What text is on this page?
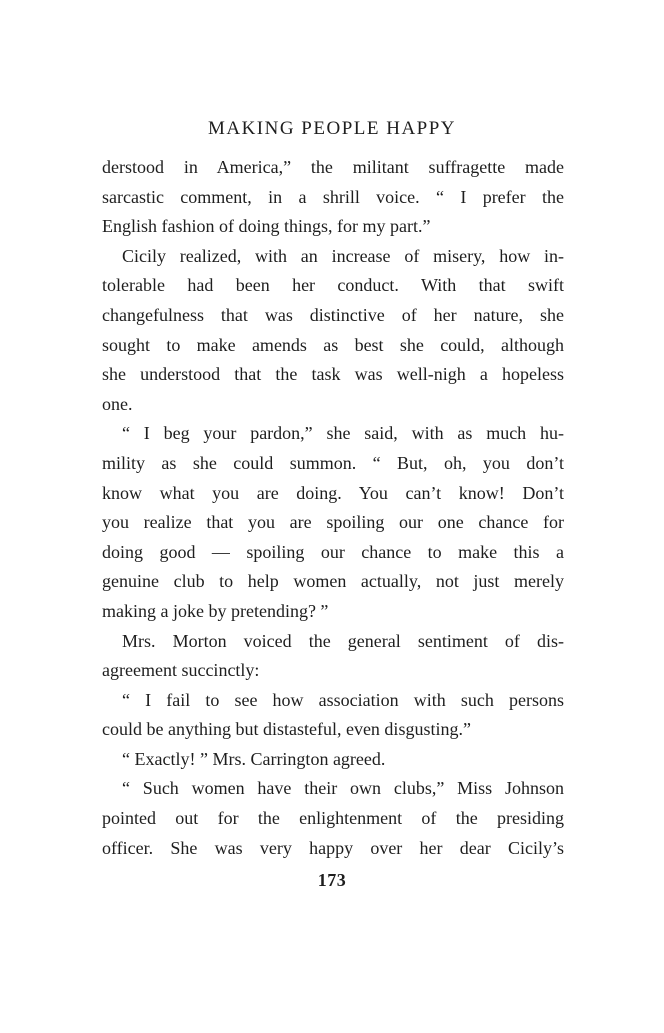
MAKING PEOPLE HAPPY
derstood in America,” the militant suffragette made
sarcastic comment, in a shrill voice. “ I prefer the
English fashion of doing things, for my part.”
Cicily realized, with an increase of misery, how in-
tolerable had been her conduct. With that swift
changefulness that was distinctive of her nature, she
sought to make amends as best she could, although
she understood that the task was well-nigh a hopeless
one.
“ I beg your pardon,” she said, with as much hu-
mility as she could summon. “ But, oh, you don’t
know what you are doing. You can’t know! Don’t
you realize that you are spoiling our one chance for
doing good — spoiling our chance to make this a
genuine club to help women actually, not just merely
making a joke by pretending? ”
Mrs. Morton voiced the general sentiment of dis-
agreement succinctly:
“ I fail to see how association with such persons
could be anything but distasteful, even disgusting.”
“ Exactly! ” Mrs. Carrington agreed.
“ Such women have their own clubs,” Miss Johnson
pointed out for the enlightenment of the presiding
officer. She was very happy over her dear Cicily’s
173
